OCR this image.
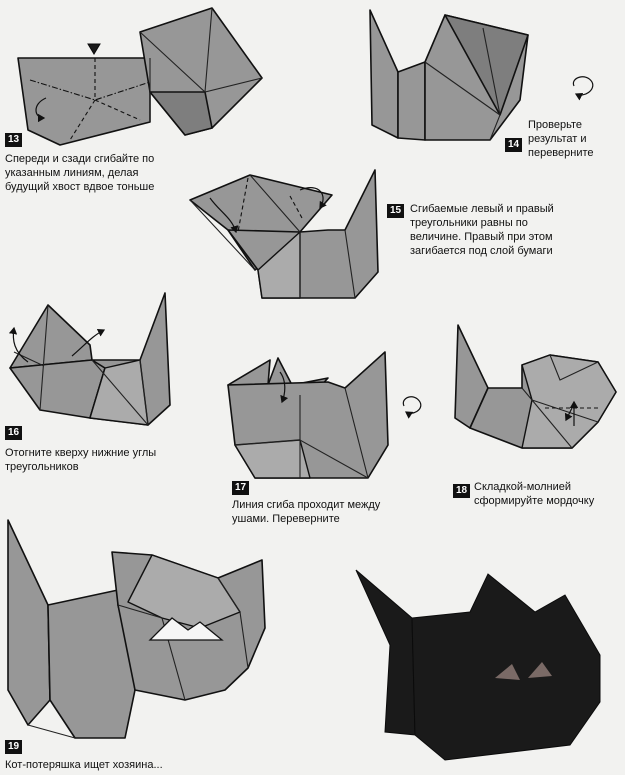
13
Спереди и сзади сгибайте по
указанным линиям, делая
будущий хвост вдвое тоньше
14
Проверьте
результат и
переверните
15 Сгибаемые левый и правый
треугольники равны по
величине. Правый при этом
загибается под слой бумаги
16
Отогните кверху нижние углы
треугольников
17
Линия сгиба проходит между
ушами. Переверните
18 Складкой-молнией
сформируйте мордочку
19
Кот-потеряшка ищет хозяина...
